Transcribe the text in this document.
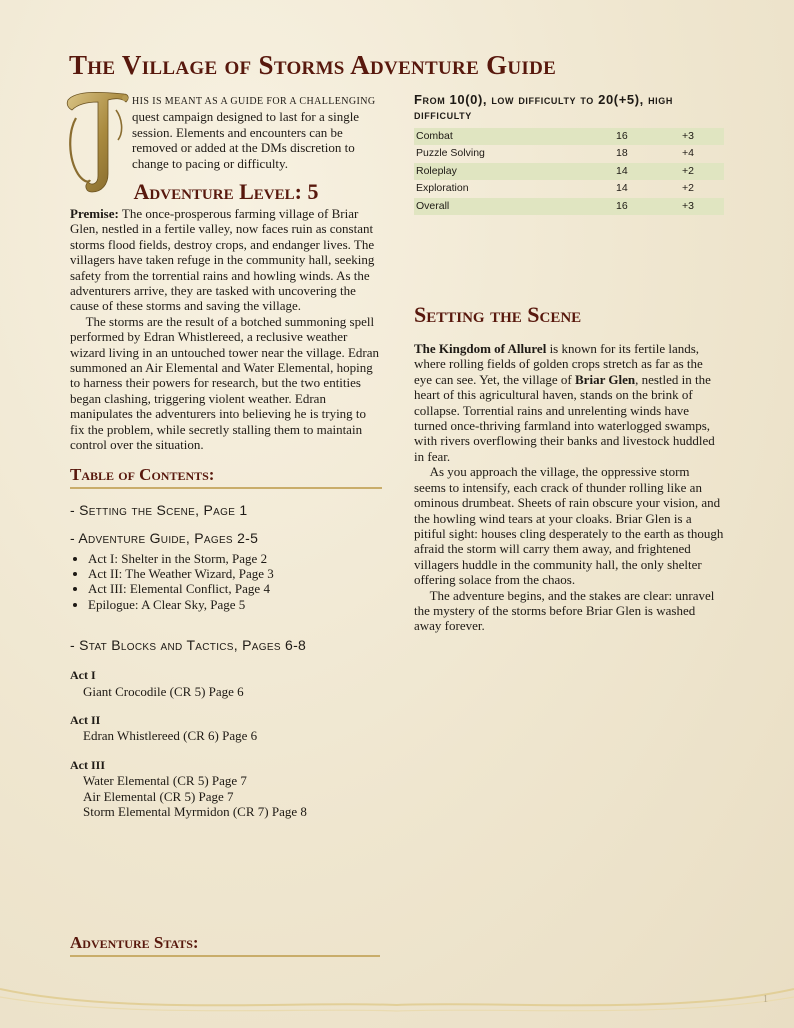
The Village of Storms Adventure Guide

HIS IS MEANT AS A GUIDE FOR A CHALLENGING

quest campaign designed to last for a single session. Elements and encounters can be removed or added at the DMs discretion to change to pacing or difficulty.

Adventure Level: 5

Premise: The once-prosperous farming village of Briar Glen, nestled in a fertile valley, now faces ruin as constant storms flood fields, destroy crops, and endanger lives. The villagers have taken refuge in the community hall, seeking safety from the torrential rains and howling winds. As the adventurers arrive, they are tasked with uncovering the cause of these storms and saving the village.

The storms are the result of a botched summoning spell performed by Edran Whistlereed, a reclusive weather wizard living in an untouched tower near the village. Edran summoned an Air Elemental and Water Elemental, hoping to harness their powers for research, but the two entities began clashing, triggering violent weather. Edran manipulates the adventurers into believing he is trying to fix the problem, while secretly stalling them to maintain control over the situation.

Table of Contents:

- Setting the Scene, Page 1

- Adventure Guide, Pages 2-5

• Act I: Shelter in the Storm, Page 2
• Act II: The Weather Wizard, Page 3
• Act III: Elemental Conflict, Page 4
• Epilogue: A Clear Sky, Page 5

- Stat Blocks and Tactics, Pages 6-8

Act I

Giant Crocodile (CR 5) Page 6

Act II

Edran Whistlereed (CR 6) Page 6

Act III

Water Elemental (CR 5) Page 7

Air Elemental (CR 5) Page 7

Storm Elemental Myrmidon (CR 7) Page 8

Adventure Stats:

From 10(0), low difficulty to 20(+5), high difficulty

Combat	16	+3
Puzzle Solving	18	+4
Roleplay	14	+2
Exploration	14	+2
Overall	16	+3
Setting the Scene

The Kingdom of Allurel is known for its fertile lands, where rolling fields of golden crops stretch as far as the eye can see. Yet, the village of Briar Glen, nestled in the heart of this agricultural haven, stands on the brink of collapse. Torrential rains and unrelenting winds have turned once-thriving farmland into waterlogged swamps, with rivers overflowing their banks and livestock huddled in fear.

As you approach the village, the oppressive storm seems to intensify, each crack of thunder rolling like an ominous drumbeat. Sheets of rain obscure your vision, and the howling wind tears at your cloaks. Briar Glen is a pitiful sight: houses cling desperately to the earth as though afraid the storm will carry them away, and frightened villagers huddle in the community hall, the only shelter offering solace from the chaos.

The adventure begins, and the stakes are clear: unravel the mystery of the storms before Briar Glen is washed away forever.

1
